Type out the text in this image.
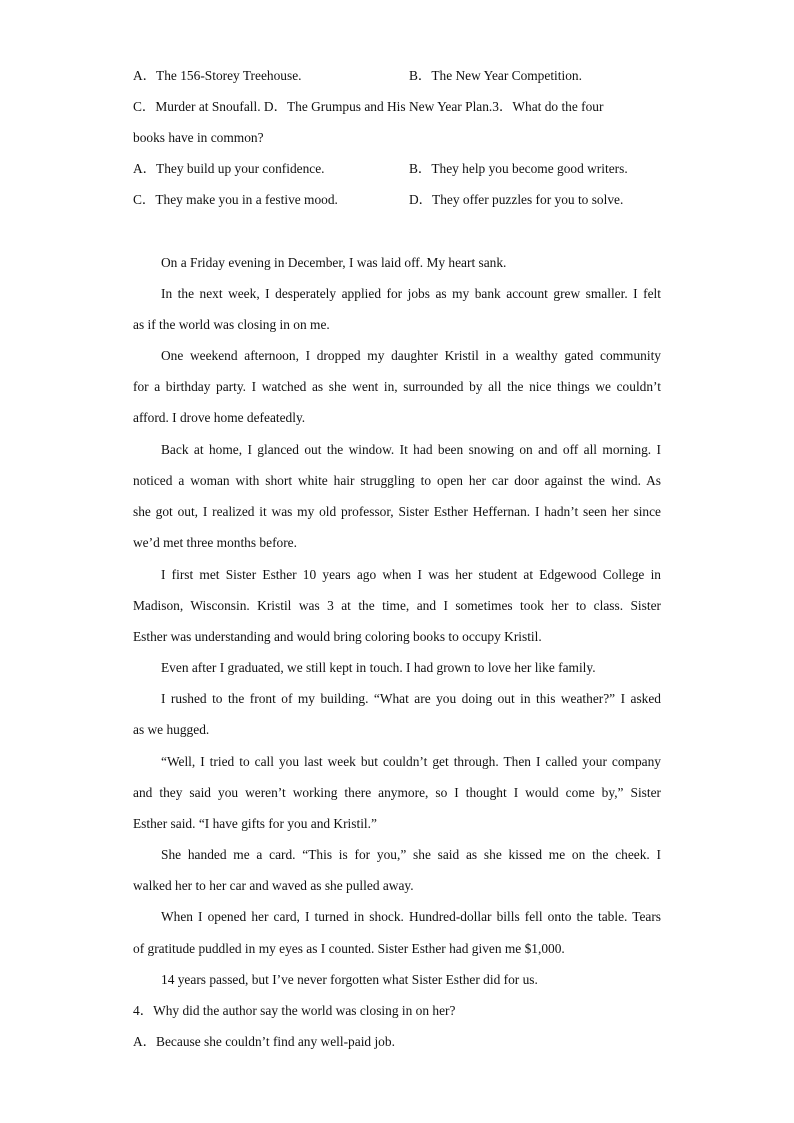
A．The 156-Storey Treehouse.	B．The New Year Competition.
C．Murder at Snoufall. D．The Grumpus and His New Year Plan.3．What do the four
books have in common?
A．They build up your confidence.	B．They help you become good writers.
C．They make you in a festive mood.	D．They offer puzzles for you to solve.
On a Friday evening in December, I was laid off. My heart sank.
In the next week, I desperately applied for jobs as my bank account grew smaller. I felt
as if the world was closing in on me.
One weekend afternoon, I dropped my daughter Kristil in a wealthy gated community
for a birthday party. I watched as she went in, surrounded by all the nice things we couldn’t
afford. I drove home defeatedly.
Back at home, I glanced out the window. It had been snowing on and off all morning. I
noticed a woman with short white hair struggling to open her car door against the wind. As
she got out, I realized it was my old professor, Sister Esther Heffernan. I hadn’t seen her since
we’d met three months before.
I first met Sister Esther 10 years ago when I was her student at Edgewood College in
Madison, Wisconsin. Kristil was 3 at the time, and I sometimes took her to class. Sister
Esther was understanding and would bring coloring books to occupy Kristil.
Even after I graduated, we still kept in touch. I had grown to love her like family.
I rushed to the front of my building. “What are you doing out in this weather?” I asked
as we hugged.
“Well, I tried to call you last week but couldn’t get through. Then I called your company
and they said you weren’t working there anymore, so I thought I would come by,” Sister
Esther said. “I have gifts for you and Kristil.”
She handed me a card. “This is for you,” she said as she kissed me on the cheek. I
walked her to her car and waved as she pulled away.
When I opened her card, I turned in shock. Hundred-dollar bills fell onto the table. Tears
of gratitude puddled in my eyes as I counted. Sister Esther had given me $1,000.
14 years passed, but I’ve never forgotten what Sister Esther did for us.
4．Why did the author say the world was closing in on her?
A．Because she couldn’t find any well-paid job.
